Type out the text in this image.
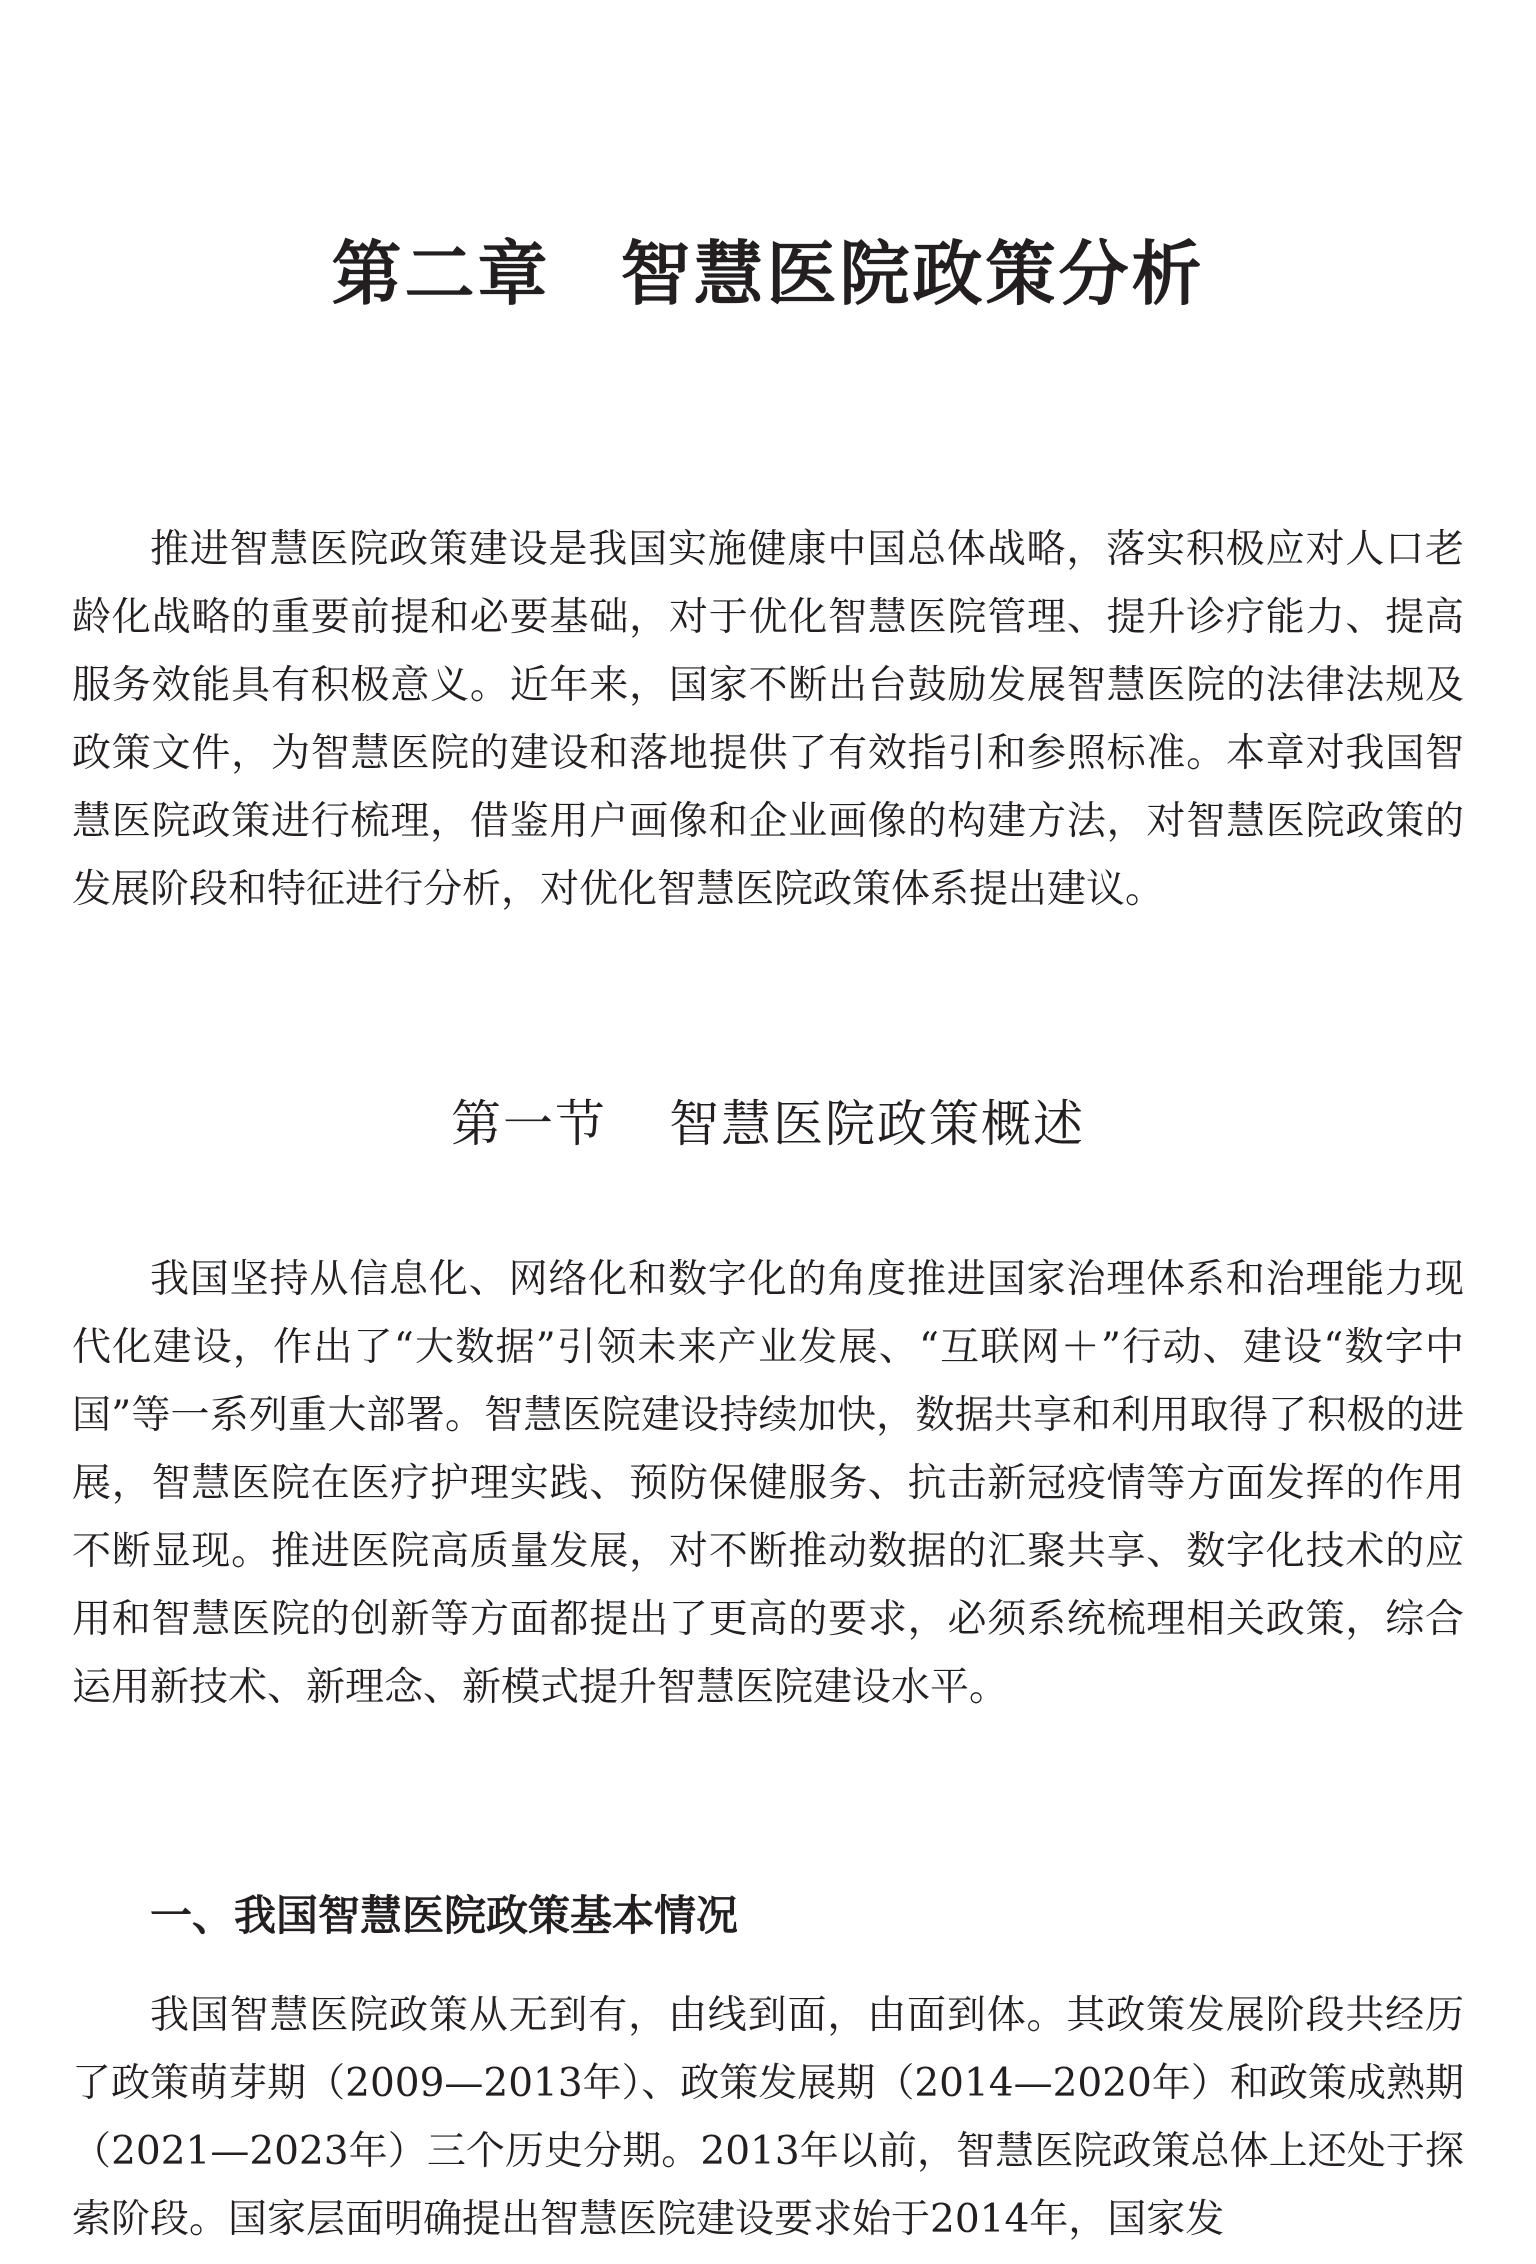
第二章 智慧医院政策分析

推进智慧医院政策建设是我国实施健康中国总体战略，落实积极应对人口老龄化战略的重要前提和必要基础，对于优化智慧医院管理、提升诊疗能力、提高服务效能具有积极意义。近年来，国家不断出台鼓励发展智慧医院的法律法规及政策文件，为智慧医院的建设和落地提供了有效指引和参照标准。本章对我国智慧医院政策进行梳理，借鉴用户画像和企业画像的构建方法，对智慧医院政策的发展阶段和特征进行分析，对优化智慧医院政策体系提出建议。

第一节 智慧医院政策概述

我国坚持从信息化、网络化和数字化的角度推进国家治理体系和治理能力现代化建设，作出了“大数据”引领未来产业发展、“互联网＋”行动、建设“数字中国”等一系列重大部署。智慧医院建设持续加快，数据共享和利用取得了积极的进展，智慧医院在医疗护理实践、预防保健服务、抗击新冠疫情等方面发挥的作用不断显现。推进医院高质量发展，对不断推动数据的汇聚共享、数字化技术的应用和智慧医院的创新等方面都提出了更高的要求，必须系统梳理相关政策，综合运用新技术、新理念、新模式提升智慧医院建设水平。

一、我国智慧医院政策基本情况

我国智慧医院政策从无到有，由线到面，由面到体。其政策发展阶段共经历了政策萌芽期（2009—2013年）、政策发展期（2014—2020年）和政策成熟期（2021—2023年）三个历史分期。2013年以前，智慧医院政策总体上还处于探索阶段。国家层面明确提出智慧医院建设要求始于2014年，国家发
